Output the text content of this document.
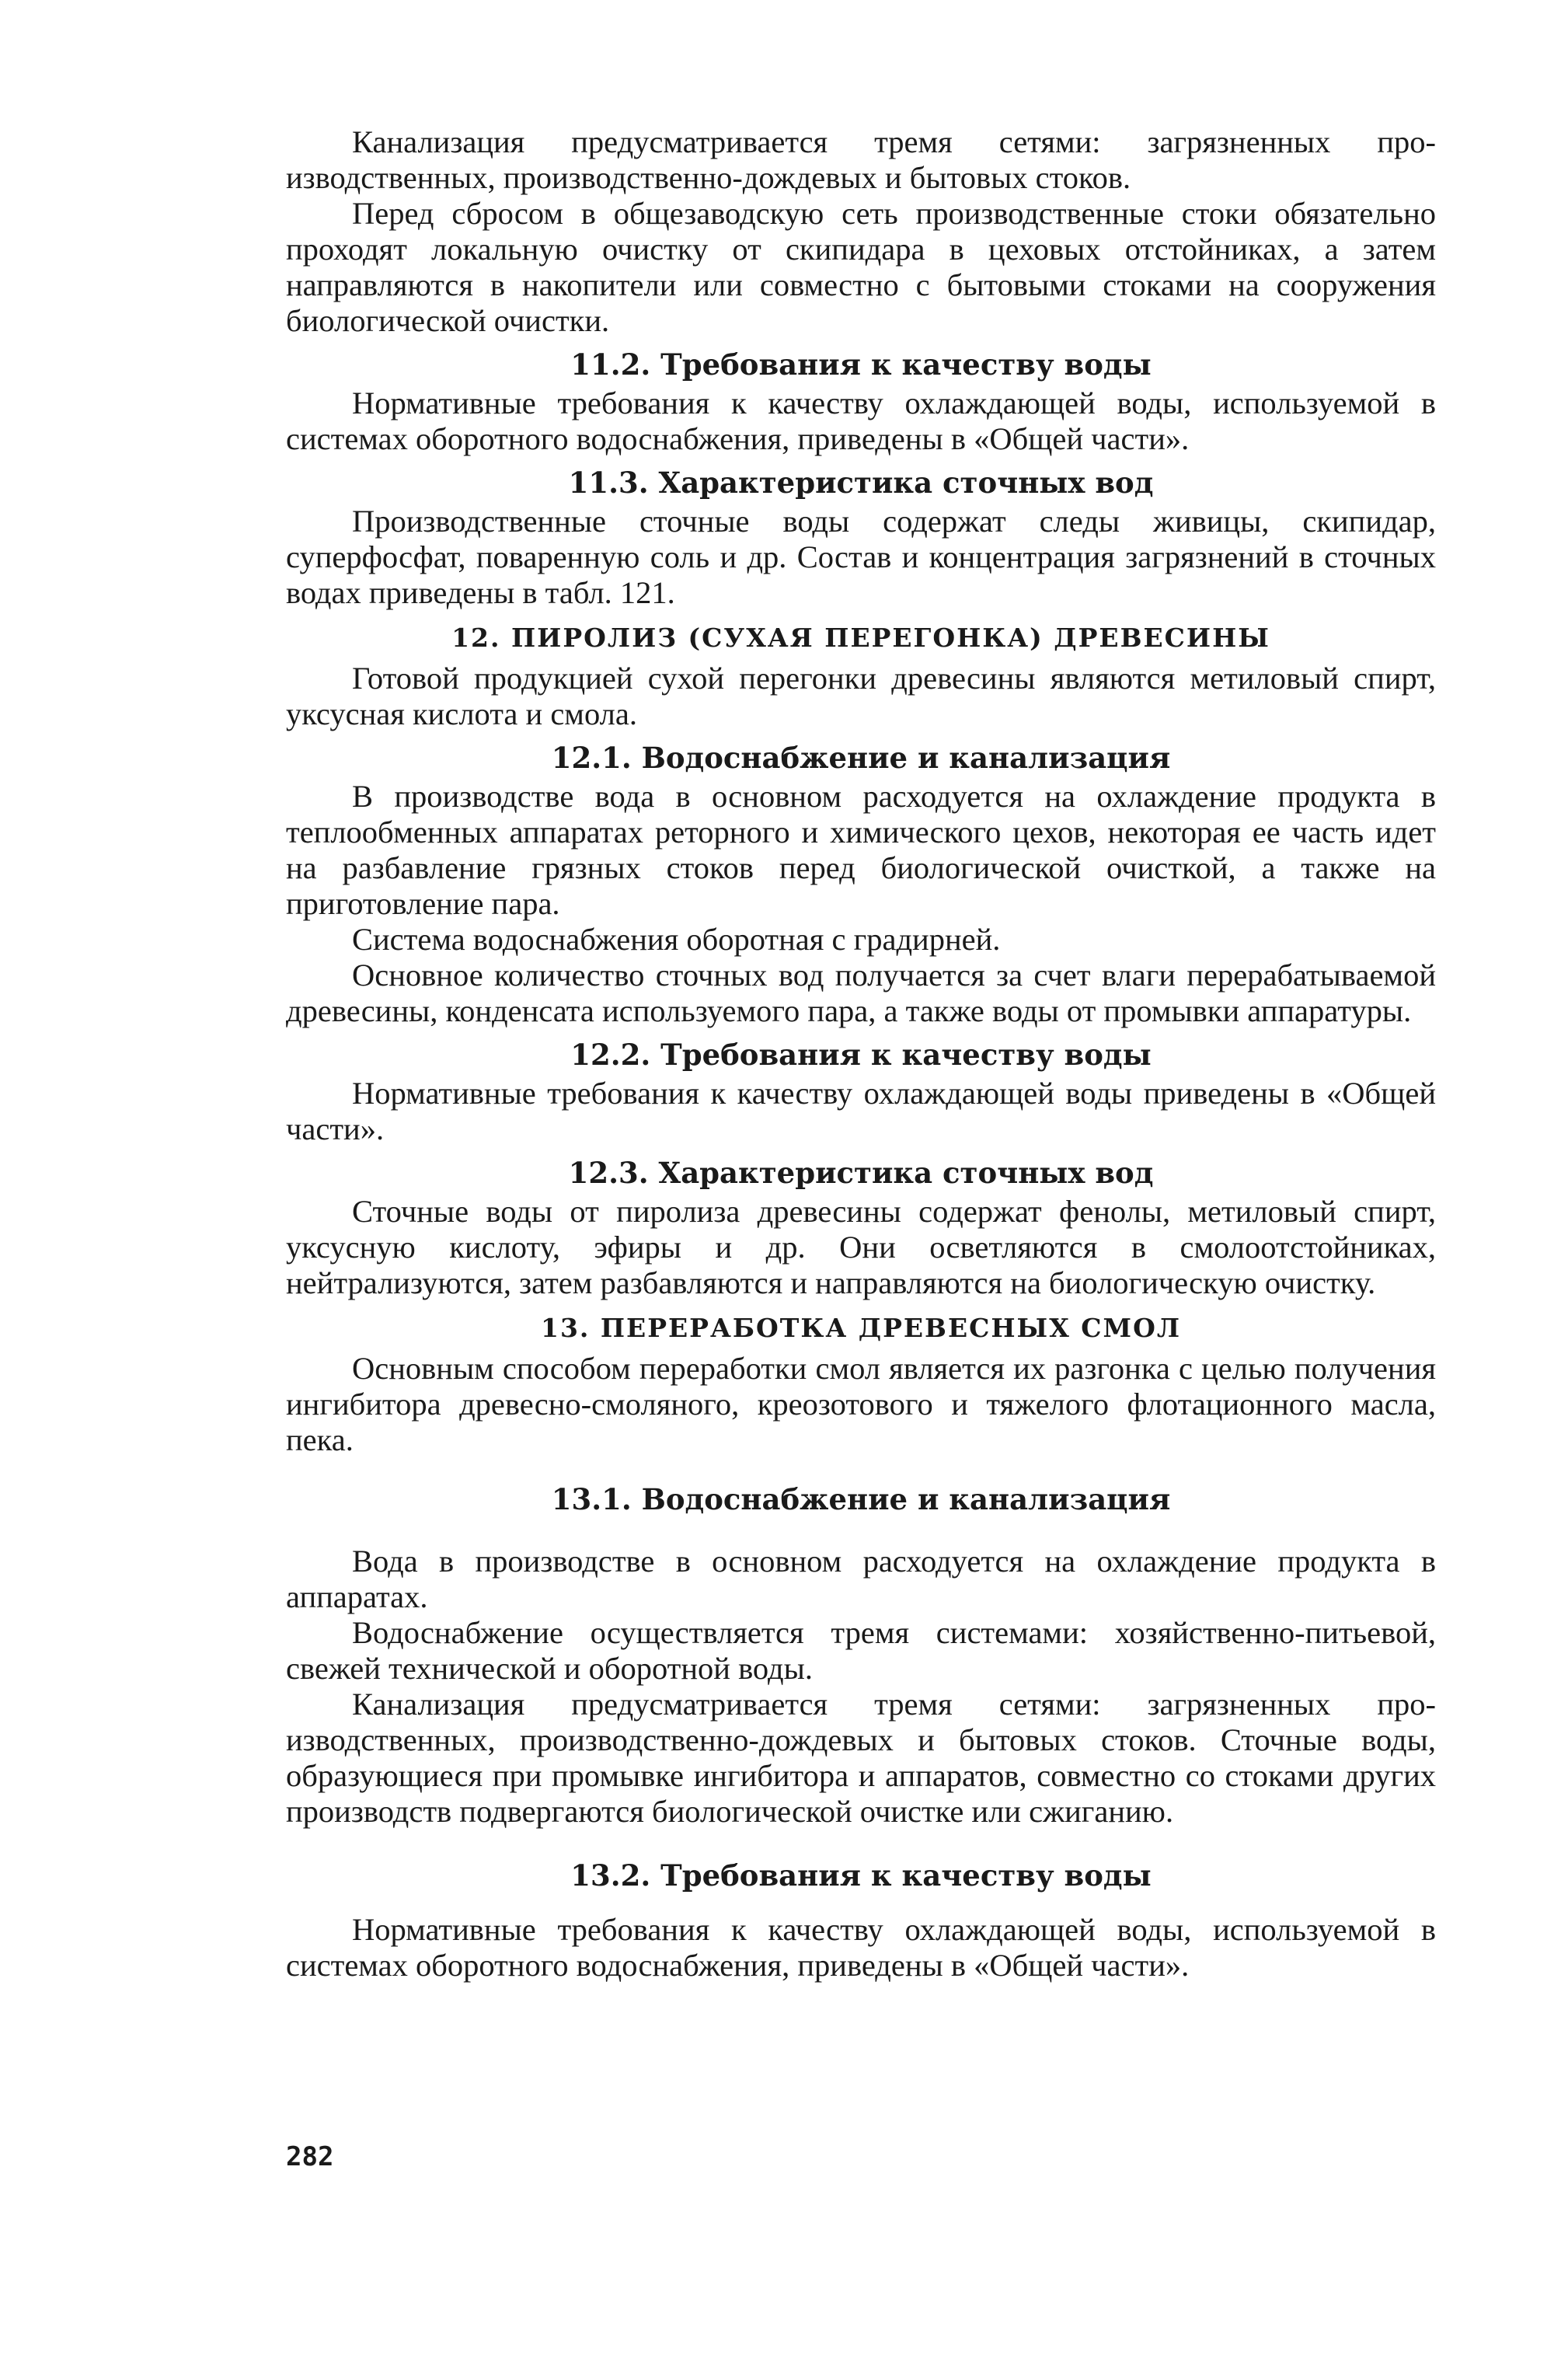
Канализация предусматривается тремя сетями: загрязненных производственных, производственно-дождевых и бытовых стоков.

Перед сбросом в общезаводскую сеть производственные стоки обязательно проходят локальную очистку от скипидара в цеховых отстойниках, а затем направляются в накопители или совместно с бытовыми стоками на сооружения биологической очистки.

11.2. Требования к качеству воды

Нормативные требования к качеству охлаждающей воды, используемой в системах оборотного водоснабжения, приведены в «Общей части».

11.3. Характеристика сточных вод

Производственные сточные воды содержат следы живицы, скипидар, суперфосфат, поваренную соль и др. Состав и концентрация загрязнений в сточных водах приведены в табл. 121.

12. ПИРОЛИЗ (СУХАЯ ПЕРЕГОНКА) ДРЕВЕСИНЫ

Готовой продукцией сухой перегонки древесины являются метиловый спирт, уксусная кислота и смола.

12.1. Водоснабжение и канализация

В производстве вода в основном расходуется на охлаждение продукта в теплообменных аппаратах реторного и химического цехов, некоторая ее часть идет на разбавление грязных стоков перед биологической очисткой, а также на приготовление пара.

Система водоснабжения оборотная с градирней.

Основное количество сточных вод получается за счет влаги перерабатываемой древесины, конденсата используемого пара, а также воды от промывки аппаратуры.

12.2. Требования к качеству воды

Нормативные требования к качеству охлаждающей воды приведены в «Общей части».

12.3. Характеристика сточных вод

Сточные воды от пиролиза древесины содержат фенолы, метиловый спирт, уксусную кислоту, эфиры и др. Они осветляются в смолоотстойниках, нейтрализуются, затем разбавляются и направляются на биологическую очистку.

13. ПЕРЕРАБОТКА ДРЕВЕСНЫХ СМОЛ

Основным способом переработки смол является их разгонка с целью получения ингибитора древесно-смоляного, креозотового и тяжелого флотационного масла, пека.

13.1. Водоснабжение и канализация

Вода в производстве в основном расходуется на охлаждение продукта в аппаратах.

Водоснабжение осуществляется тремя системами: хозяйственно-питьевой, свежей технической и оборотной воды.

Канализация предусматривается тремя сетями: загрязненных производственных, производственно-дождевых и бытовых стоков. Сточные воды, образующиеся при промывке ингибитора и аппаратов, совместно со стоками других производств подвергаются биологической очистке или сжиганию.

13.2. Требования к качеству воды

Нормативные требования к качеству охлаждающей воды, используемой в системах оборотного водоснабжения, приведены в «Общей части».

282
